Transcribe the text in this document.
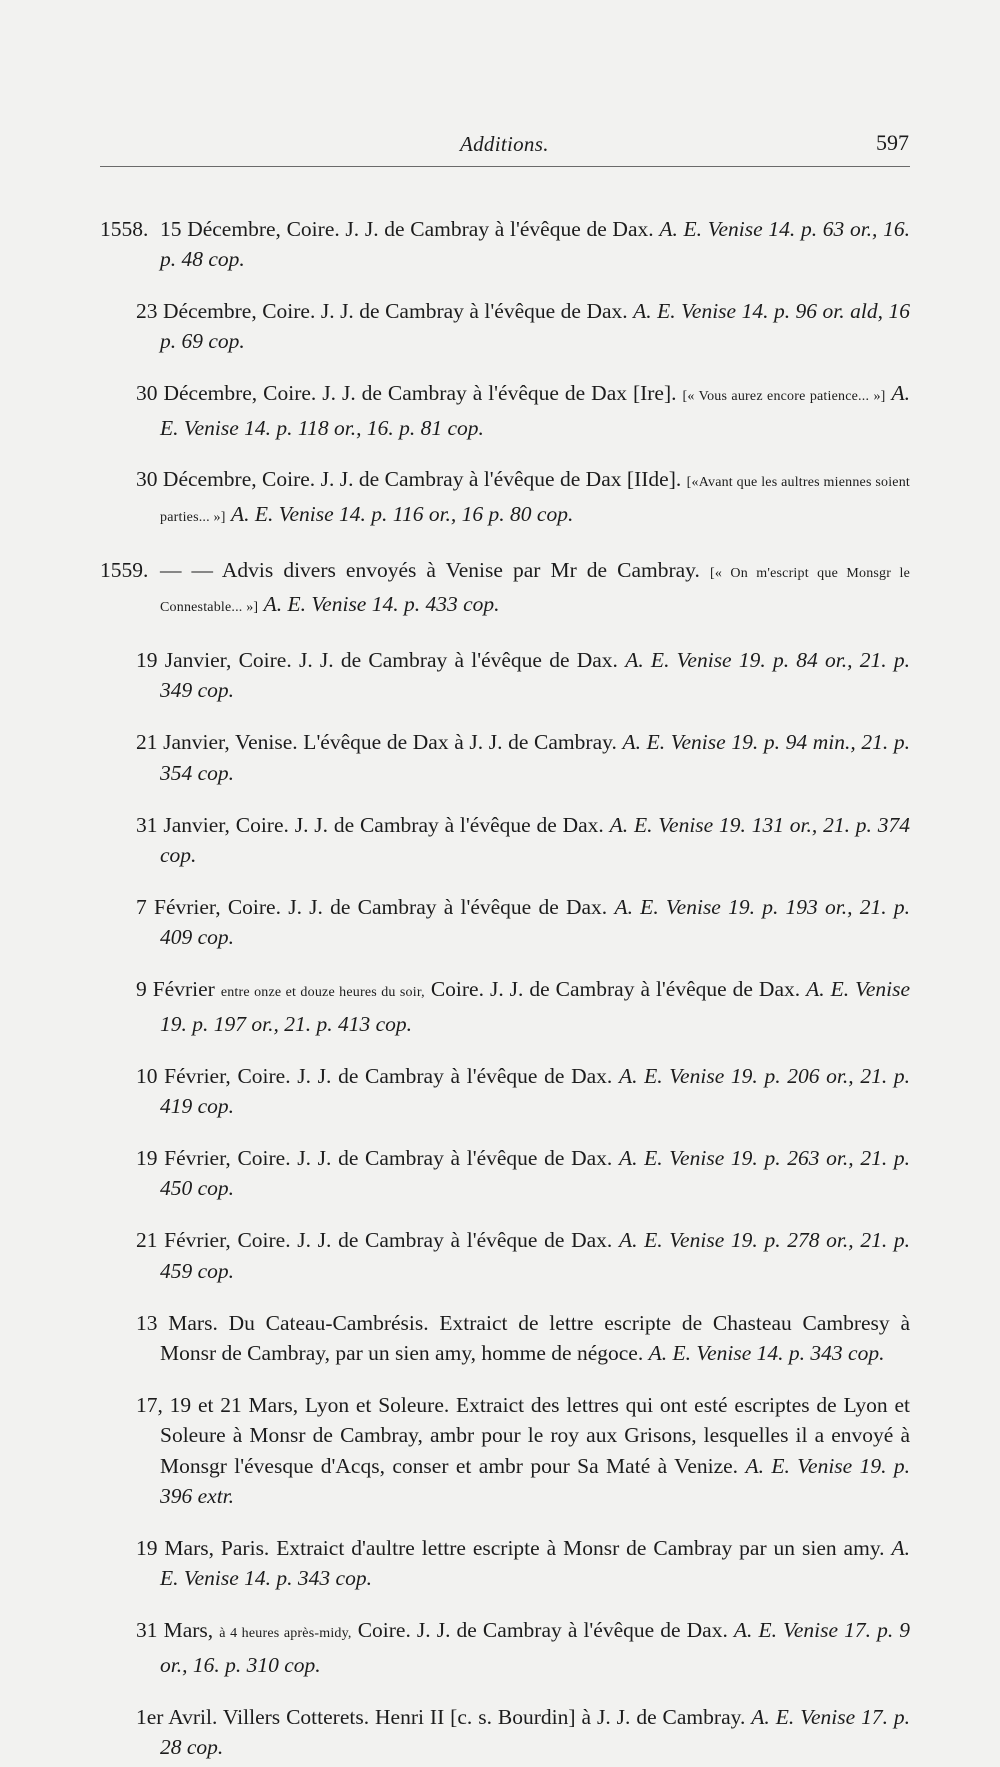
Additions.	597

1558. 15 Décembre, Coire. J. J. de Cambray à l'évêque de Dax. A. E. Venise 14. p. 63 or., 16. p. 48 cop.

23 Décembre, Coire. J. J. de Cambray à l'évêque de Dax. A. E. Venise 14. p. 96 or. ald, 16 p. 69 cop.

30 Décembre, Coire. J. J. de Cambray à l'évêque de Dax [Ire]. [« Vous aurez encore patience... »] A. E. Venise 14. p. 118 or., 16. p. 81 cop.

30 Décembre, Coire. J. J. de Cambray à l'évêque de Dax [IIde]. [«Avant que les aultres miennes soient parties... »] A. E. Venise 14. p. 116 or., 16 p. 80 cop.

1559. — — Advis divers envoyés à Venise par Mr de Cambray. [« On m'escript que Monsgr le Connestable... »] A. E. Venise 14. p. 433 cop.

19 Janvier, Coire. J. J. de Cambray à l'évêque de Dax. A. E. Venise 19. p. 84 or., 21. p. 349 cop.

21 Janvier, Venise. L'évêque de Dax à J. J. de Cambray. A. E. Venise 19. p. 94 min., 21. p. 354 cop.

31 Janvier, Coire. J. J. de Cambray à l'évêque de Dax. A. E. Venise 19. 131 or., 21. p. 374 cop.

7 Février, Coire. J. J. de Cambray à l'évêque de Dax. A. E. Venise 19. p. 193 or., 21. p. 409 cop.

9 Février entre onze et douze heures du soir, Coire. J. J. de Cambray à l'évêque de Dax. A. E. Venise 19. p. 197 or., 21. p. 413 cop.

10 Février, Coire. J. J. de Cambray à l'évêque de Dax. A. E. Venise 19. p. 206 or., 21. p. 419 cop.

19 Février, Coire. J. J. de Cambray à l'évêque de Dax. A. E. Venise 19. p. 263 or., 21. p. 450 cop.

21 Février, Coire. J. J. de Cambray à l'évêque de Dax. A. E. Venise 19. p. 278 or., 21. p. 459 cop.

13 Mars. Du Cateau-Cambrésis. Extraict de lettre escripte de Chasteau Cambresy à Monsr de Cambray, par un sien amy, homme de négoce. A. E. Venise 14. p. 343 cop.

17, 19 et 21 Mars, Lyon et Soleure. Extraict des lettres qui ont esté escriptes de Lyon et Soleure à Monsr de Cambray, ambr pour le roy aux Grisons, lesquelles il a envoyé à Monsgr l'évesque d'Acqs, conser et ambr pour Sa Maté à Venize. A. E. Venise 19. p. 396 extr.

19 Mars, Paris. Extraict d'aultre lettre escripte à Monsr de Cambray par un sien amy. A. E. Venise 14. p. 343 cop.

31 Mars, à 4 heures après-midy, Coire. J. J. de Cambray à l'évêque de Dax. A. E. Venise 17. p. 9 or., 16. p. 310 cop.

1er Avril. Villers Cotterets. Henri II [c. s. Bourdin] à J. J. de Cambray. A. E. Venise 17. p. 28 cop.
